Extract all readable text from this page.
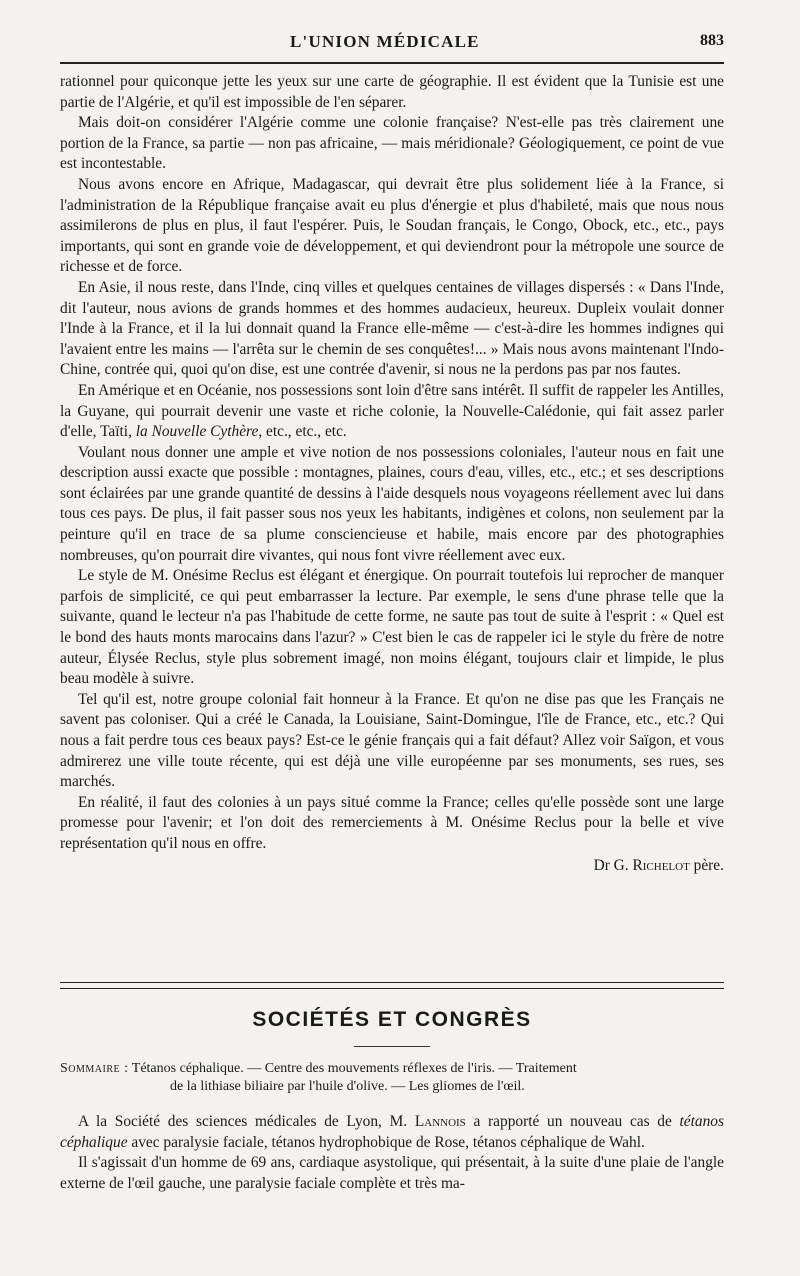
L'UNION MÉDICALE	883

rationnel pour quiconque jette les yeux sur une carte de géographie. Il est évident que la Tunisie est une partie de l'Algérie, et qu'il est impossible de l'en séparer.

Mais doit-on considérer l'Algérie comme une colonie française? N'est-elle pas très clairement une portion de la France, sa partie — non pas africaine, — mais méridionale? Géologiquement, ce point de vue est incontestable.

Nous avons encore en Afrique, Madagascar, qui devrait être plus solidement liée à la France, si l'administration de la République française avait eu plus d'énergie et plus d'habileté, mais que nous nous assimilerons de plus en plus, il faut l'espérer. Puis, le Soudan français, le Congo, Obock, etc., etc., pays importants, qui sont en grande voie de développement, et qui deviendront pour la métropole une source de richesse et de force.

En Asie, il nous reste, dans l'Inde, cinq villes et quelques centaines de villages dispersés : « Dans l'Inde, dit l'auteur, nous avions de grands hommes et des hommes audacieux, heureux. Dupleix voulait donner l'Inde à la France, et il la lui donnait quand la France elle-même — c'est-à-dire les hommes indignes qui l'avaient entre les mains — l'arrêta sur le chemin de ses conquêtes!... » Mais nous avons maintenant l'Indo-Chine, contrée qui, quoi qu'on dise, est une contrée d'avenir, si nous ne la perdons pas par nos fautes.

En Amérique et en Océanie, nos possessions sont loin d'être sans intérêt. Il suffit de rappeler les Antilles, la Guyane, qui pourrait devenir une vaste et riche colonie, la Nouvelle-Calédonie, qui fait assez parler d'elle, Taïti, la Nouvelle Cythère, etc., etc., etc.

Voulant nous donner une ample et vive notion de nos possessions coloniales, l'auteur nous en fait une description aussi exacte que possible : montagnes, plaines, cours d'eau, villes, etc., etc.; et ses descriptions sont éclairées par une grande quantité de dessins à l'aide desquels nous voyageons réellement avec lui dans tous ces pays. De plus, il fait passer sous nos yeux les habitants, indigènes et colons, non seulement par la peinture qu'il en trace de sa plume consciencieuse et habile, mais encore par des photographies nombreuses, qu'on pourrait dire vivantes, qui nous font vivre réellement avec eux.

Le style de M. Onésime Reclus est élégant et énergique. On pourrait toutefois lui reprocher de manquer parfois de simplicité, ce qui peut embarrasser la lecture. Par exemple, le sens d'une phrase telle que la suivante, quand le lecteur n'a pas l'habitude de cette forme, ne saute pas tout de suite à l'esprit : « Quel est le bond des hauts monts marocains dans l'azur? » C'est bien le cas de rappeler ici le style du frère de notre auteur, Élysée Reclus, style plus sobrement imagé, non moins élégant, toujours clair et limpide, le plus beau modèle à suivre.

Tel qu'il est, notre groupe colonial fait honneur à la France. Et qu'on ne dise pas que les Français ne savent pas coloniser. Qui a créé le Canada, la Louisiane, Saint-Domingue, l'île de France, etc., etc.? Qui nous a fait perdre tous ces beaux pays? Est-ce le génie français qui a fait défaut? Allez voir Saïgon, et vous admirerez une ville toute récente, qui est déjà une ville européenne par ses monuments, ses rues, ses marchés.

En réalité, il faut des colonies à un pays situé comme la France; celles qu'elle possède sont une large promesse pour l'avenir; et l'on doit des remerciements à M. Onésime Reclus pour la belle et vive représentation qu'il nous en offre.

Dr G. Richelot père.
SOCIÉTÉS ET CONGRÈS
Sommaire : Tétanos céphalique. — Centre des mouvements réflexes de l'iris. — Traitement
de la lithiase biliaire par l'huile d'olive. — Les gliomes de l'œil.

A la Société des sciences médicales de Lyon, M. Lannois a rapporté un nouveau cas de tétanos céphalique avec paralysie faciale, tétanos hydrophobique de Rose, tétanos céphalique de Wahl.

Il s'agissait d'un homme de 69 ans, cardiaque asystolique, qui présentait, à la suite d'une plaie de l'angle externe de l'œil gauche, une paralysie faciale complète et très ma-
